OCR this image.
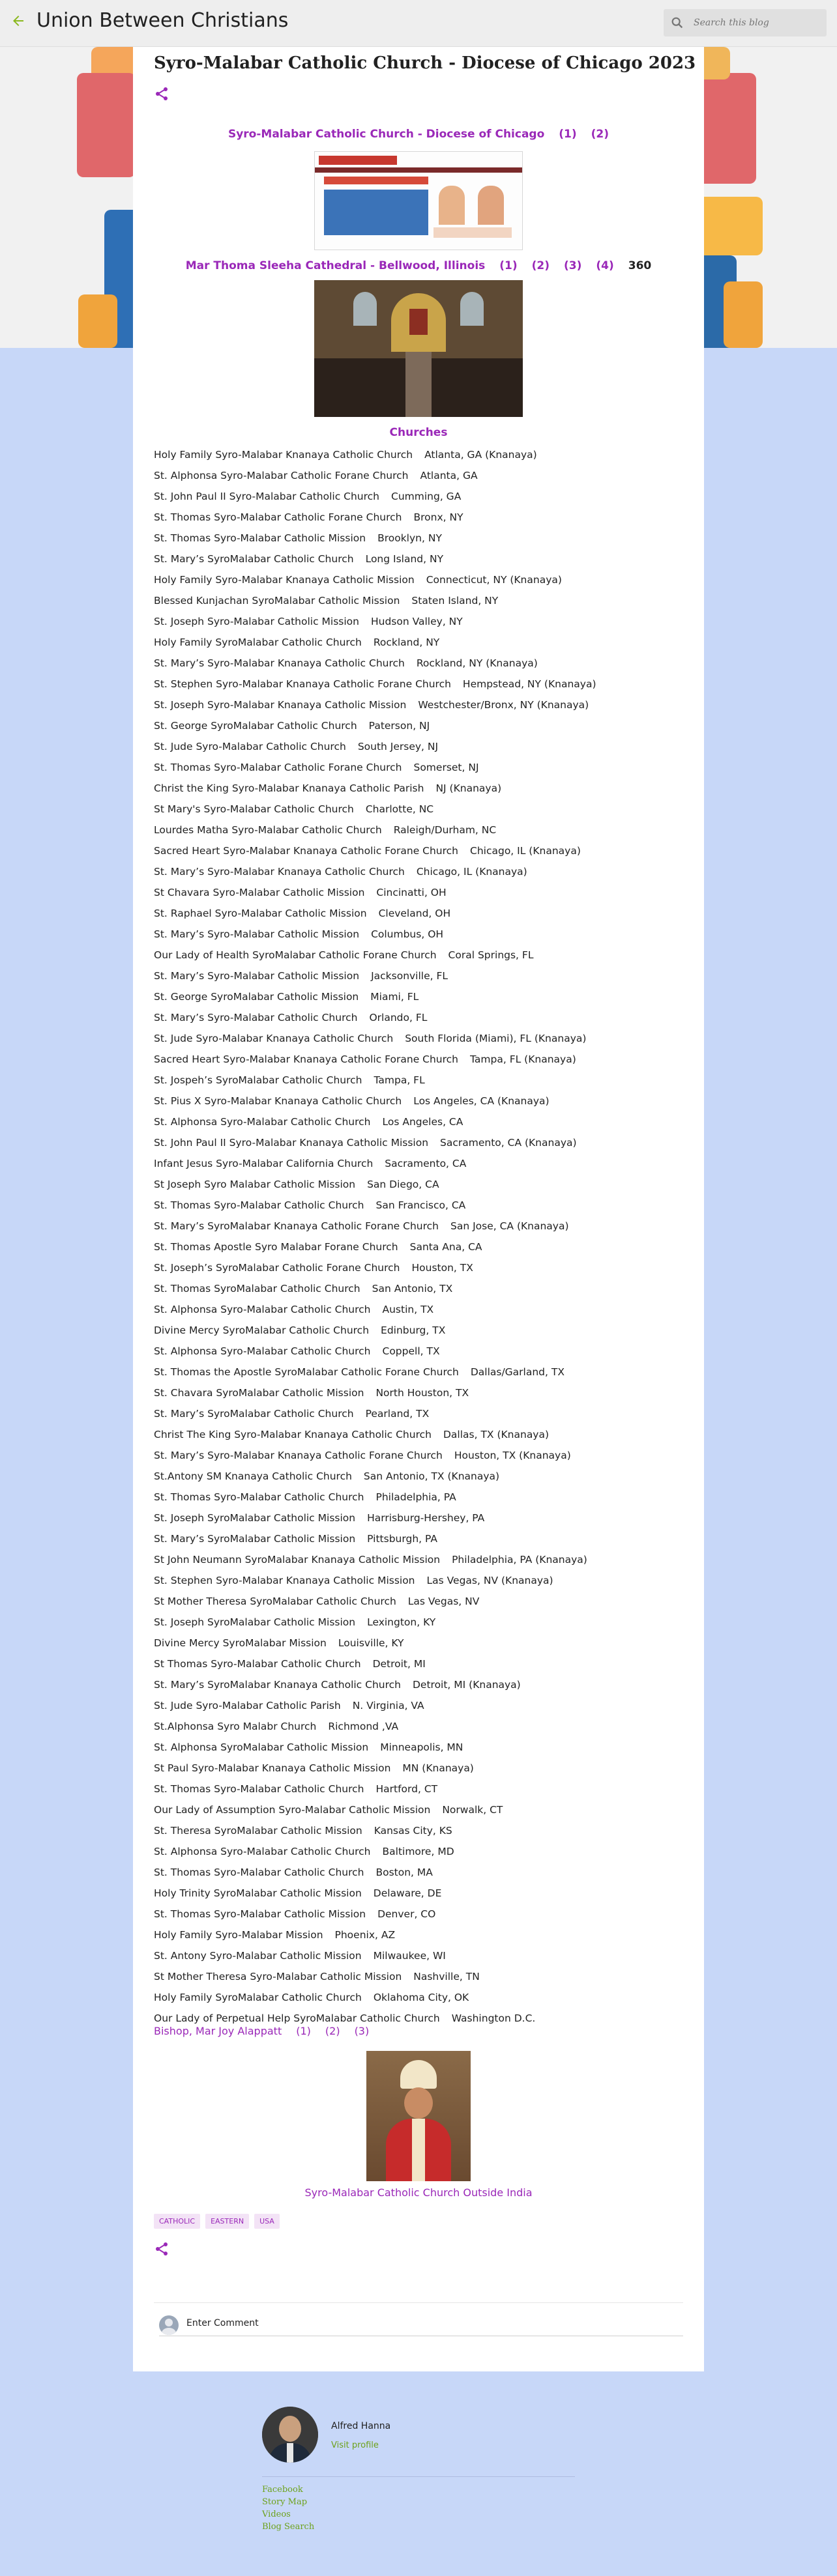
Union Between Christians
Search this blog
Syro-Malabar Catholic Church - Diocese of Chicago 2023
Syro-Malabar Catholic Church - Diocese of Chicago (1) (2)
Mar Thoma Sleeha Cathedral - Bellwood, Illinois (1) (2) (3) (4) 360
Churches
Holy Family Syro-Malabar Knanaya Catholic Church Atlanta, GA (Knanaya)
St. Alphonsa Syro-Malabar Catholic Forane Church Atlanta, GA
St. John Paul II Syro-Malabar Catholic Church Cumming, GA
St. Thomas Syro-Malabar Catholic Forane Church Bronx, NY
St. Thomas Syro-Malabar Catholic Mission Brooklyn, NY
St. Mary’s SyroMalabar Catholic Church Long Island, NY
Holy Family Syro-Malabar Knanaya Catholic Mission Connecticut, NY (Knanaya)
Blessed Kunjachan SyroMalabar Catholic Mission Staten Island, NY
St. Joseph Syro-Malabar Catholic Mission Hudson Valley, NY
Holy Family SyroMalabar Catholic Church Rockland, NY
St. Mary’s Syro-Malabar Knanaya Catholic Church Rockland, NY (Knanaya)
St. Stephen Syro-Malabar Knanaya Catholic Forane Church Hempstead, NY (Knanaya)
St. Joseph Syro-Malabar Knanaya Catholic Mission Westchester/Bronx, NY (Knanaya)
St. George SyroMalabar Catholic Church Paterson, NJ
St. Jude Syro-Malabar Catholic Church South Jersey, NJ
St. Thomas Syro-Malabar Catholic Forane Church Somerset, NJ
Christ the King Syro-Malabar Knanaya Catholic Parish NJ (Knanaya)
St Mary's Syro-Malabar Catholic Church Charlotte, NC
Lourdes Matha Syro-Malabar Catholic Church Raleigh/Durham, NC
Sacred Heart Syro-Malabar Knanaya Catholic Forane Church Chicago, IL (Knanaya)
St. Mary’s Syro-Malabar Knanaya Catholic Church Chicago, IL (Knanaya)
St Chavara Syro-Malabar Catholic Mission Cincinatti, OH
St. Raphael Syro-Malabar Catholic Mission Cleveland, OH
St. Mary’s Syro-Malabar Catholic Mission Columbus, OH
Our Lady of Health SyroMalabar Catholic Forane Church Coral Springs, FL
St. Mary’s Syro-Malabar Catholic Mission Jacksonville, FL
St. George SyroMalabar Catholic Mission Miami, FL
St. Mary’s Syro-Malabar Catholic Church Orlando, FL
St. Jude Syro-Malabar Knanaya Catholic Church South Florida (Miami), FL (Knanaya)
Sacred Heart Syro-Malabar Knanaya Catholic Forane Church Tampa, FL (Knanaya)
St. Jospeh’s SyroMalabar Catholic Church Tampa, FL
St. Pius X Syro-Malabar Knanaya Catholic Church Los Angeles, CA (Knanaya)
St. Alphonsa Syro-Malabar Catholic Church Los Angeles, CA
St. John Paul II Syro-Malabar Knanaya Catholic Mission Sacramento, CA (Knanaya)
Infant Jesus Syro-Malabar California Church Sacramento, CA
St Joseph Syro Malabar Catholic Mission San Diego, CA
St. Thomas Syro-Malabar Catholic Church San Francisco, CA
St. Mary’s SyroMalabar Knanaya Catholic Forane Church San Jose, CA (Knanaya)
St. Thomas Apostle Syro Malabar Forane Church Santa Ana, CA
St. Joseph’s SyroMalabar Catholic Forane Church Houston, TX
St. Thomas SyroMalabar Catholic Church San Antonio, TX
St. Alphonsa Syro-Malabar Catholic Church Austin, TX
Divine Mercy SyroMalabar Catholic Church Edinburg, TX
St. Alphonsa Syro-Malabar Catholic Church Coppell, TX
St. Thomas the Apostle SyroMalabar Catholic Forane Church Dallas/Garland, TX
St. Chavara SyroMalabar Catholic Mission North Houston, TX
St. Mary’s SyroMalabar Catholic Church Pearland, TX
Christ The King Syro-Malabar Knanaya Catholic Church Dallas, TX (Knanaya)
St. Mary’s Syro-Malabar Knanaya Catholic Forane Church Houston, TX (Knanaya)
St.Antony SM Knanaya Catholic Church San Antonio, TX (Knanaya)
St. Thomas Syro-Malabar Catholic Church Philadelphia, PA
St. Joseph SyroMalabar Catholic Mission Harrisburg-Hershey, PA
St. Mary’s SyroMalabar Catholic Mission Pittsburgh, PA
St John Neumann SyroMalabar Knanaya Catholic Mission Philadelphia, PA (Knanaya)
St. Stephen Syro-Malabar Knanaya Catholic Mission Las Vegas, NV (Knanaya)
St Mother Theresa SyroMalabar Catholic Church Las Vegas, NV
St. Joseph SyroMalabar Catholic Mission Lexington, KY
Divine Mercy SyroMalabar Mission Louisville, KY
St Thomas Syro-Malabar Catholic Church Detroit, MI
St. Mary’s SyroMalabar Knanaya Catholic Church Detroit, MI (Knanaya)
St. Jude Syro-Malabar Catholic Parish N. Virginia, VA
St.Alphonsa Syro Malabr Church Richmond ,VA
St. Alphonsa SyroMalabar Catholic Mission Minneapolis, MN
St Paul Syro-Malabar Knanaya Catholic Mission MN (Knanaya)
St. Thomas Syro-Malabar Catholic Church Hartford, CT
Our Lady of Assumption Syro-Malabar Catholic Mission Norwalk, CT
St. Theresa SyroMalabar Catholic Mission Kansas City, KS
St. Alphonsa Syro-Malabar Catholic Church Baltimore, MD
St. Thomas Syro-Malabar Catholic Church Boston, MA
Holy Trinity SyroMalabar Catholic Mission Delaware, DE
St. Thomas Syro-Malabar Catholic Mission Denver, CO
Holy Family Syro-Malabar Mission Phoenix, AZ
St. Antony Syro-Malabar Catholic Mission Milwaukee, WI
St Mother Theresa Syro-Malabar Catholic Mission Nashville, TN
Holy Family SyroMalabar Catholic Church Oklahoma City, OK
Our Lady of Perpetual Help SyroMalabar Catholic Church Washington D.C.
Bishop, Mar Joy Alappatt (1) (2) (3)
Syro-Malabar Catholic Church Outside India
CATHOLIC EASTERN USA
Enter Comment
Alfred Hanna
Visit profile
Facebook
Story Map
Videos
Blog Search
